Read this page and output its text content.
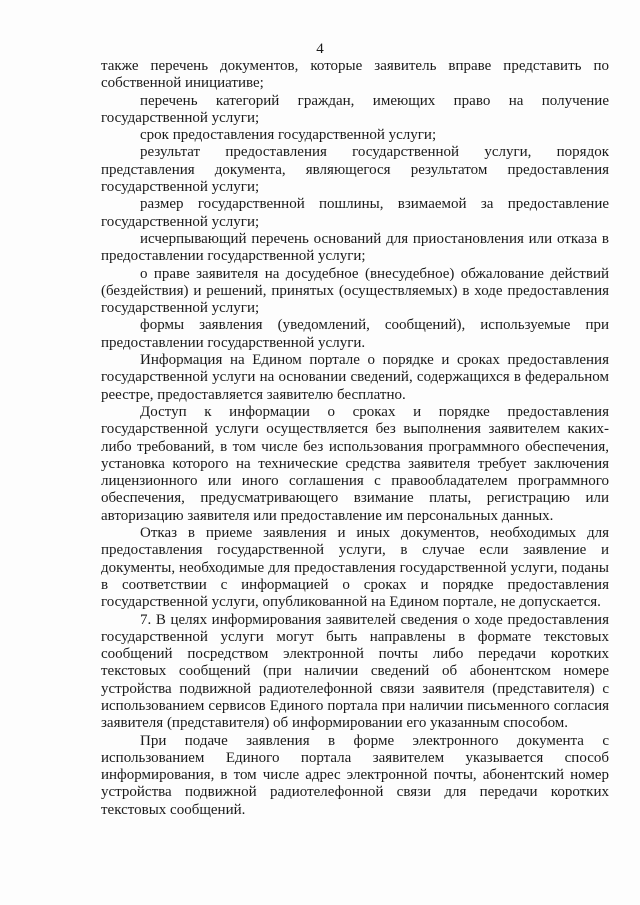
4

также перечень документов, которые заявитель вправе представить по собственной инициативе;

перечень категорий граждан, имеющих право на получение государственной услуги;

срок предоставления государственной услуги;

результат предоставления государственной услуги, порядок представления документа, являющегося результатом предоставления государственной услуги;

размер государственной пошлины, взимаемой за предоставление государственной услуги;

исчерпывающий перечень оснований для приостановления или отказа в предоставлении государственной услуги;

о праве заявителя на досудебное (внесудебное) обжалование действий (бездействия) и решений, принятых (осуществляемых) в ходе предоставления государственной услуги;

формы заявления (уведомлений, сообщений), используемые при предоставлении государственной услуги.

Информация на Едином портале о порядке и сроках предоставления государственной услуги на основании сведений, содержащихся в федеральном реестре, предоставляется заявителю бесплатно.

Доступ к информации о сроках и порядке предоставления государственной услуги осуществляется без выполнения заявителем каких-либо требований, в том числе без использования программного обеспечения, установка которого на технические средства заявителя требует заключения лицензионного или иного соглашения с правообладателем программного обеспечения, предусматривающего взимание платы, регистрацию или авторизацию заявителя или предоставление им персональных данных.

Отказ в приеме заявления и иных документов, необходимых для предоставления государственной услуги, в случае если заявление и документы, необходимые для предоставления государственной услуги, поданы в соответствии с информацией о сроках и порядке предоставления государственной услуги, опубликованной на Едином портале, не допускается.

7. В целях информирования заявителей сведения о ходе предоставления государственной услуги могут быть направлены в формате текстовых сообщений посредством электронной почты либо передачи коротких текстовых сообщений (при наличии сведений об абонентском номере устройства подвижной радиотелефонной связи заявителя (представителя) с использованием сервисов Единого портала при наличии письменного согласия заявителя (представителя) об информировании его указанным способом.

При подаче заявления в форме электронного документа с использованием Единого портала заявителем указывается способ информирования, в том числе адрес электронной почты, абонентский номер устройства подвижной радиотелефонной связи для передачи коротких текстовых сообщений.
